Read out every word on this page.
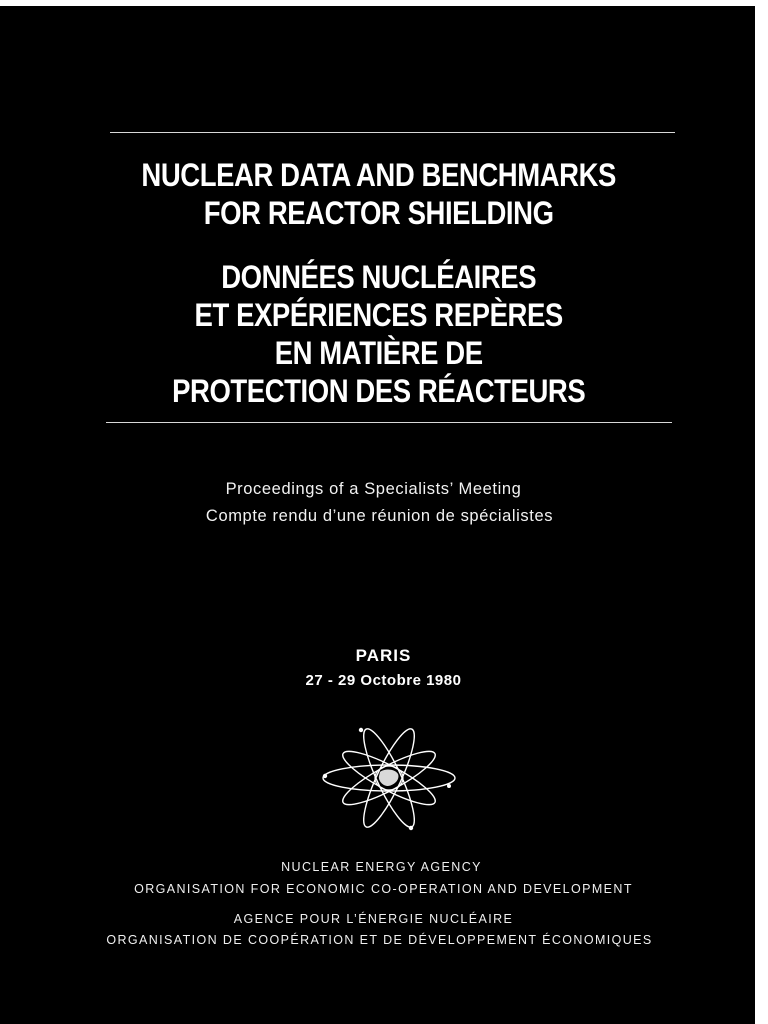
NUCLEAR DATA AND BENCHMARKS
FOR REACTOR SHIELDING
DONNÉES NUCLÉAIRES
ET EXPÉRIENCES REPÈRES
EN MATIÈRE DE
PROTECTION DES RÉACTEURS
Proceedings of a Specialists’ Meeting
Compte rendu d’une réunion de spécialistes
PARIS
27 - 29 Octobre 1980
NUCLEAR ENERGY AGENCY
ORGANISATION FOR ECONOMIC CO-OPERATION AND DEVELOPMENT
AGENCE POUR L’ÉNERGIE NUCLÉAIRE
ORGANISATION DE COOPÉRATION ET DE DÉVELOPPEMENT ÉCONOMIQUES
